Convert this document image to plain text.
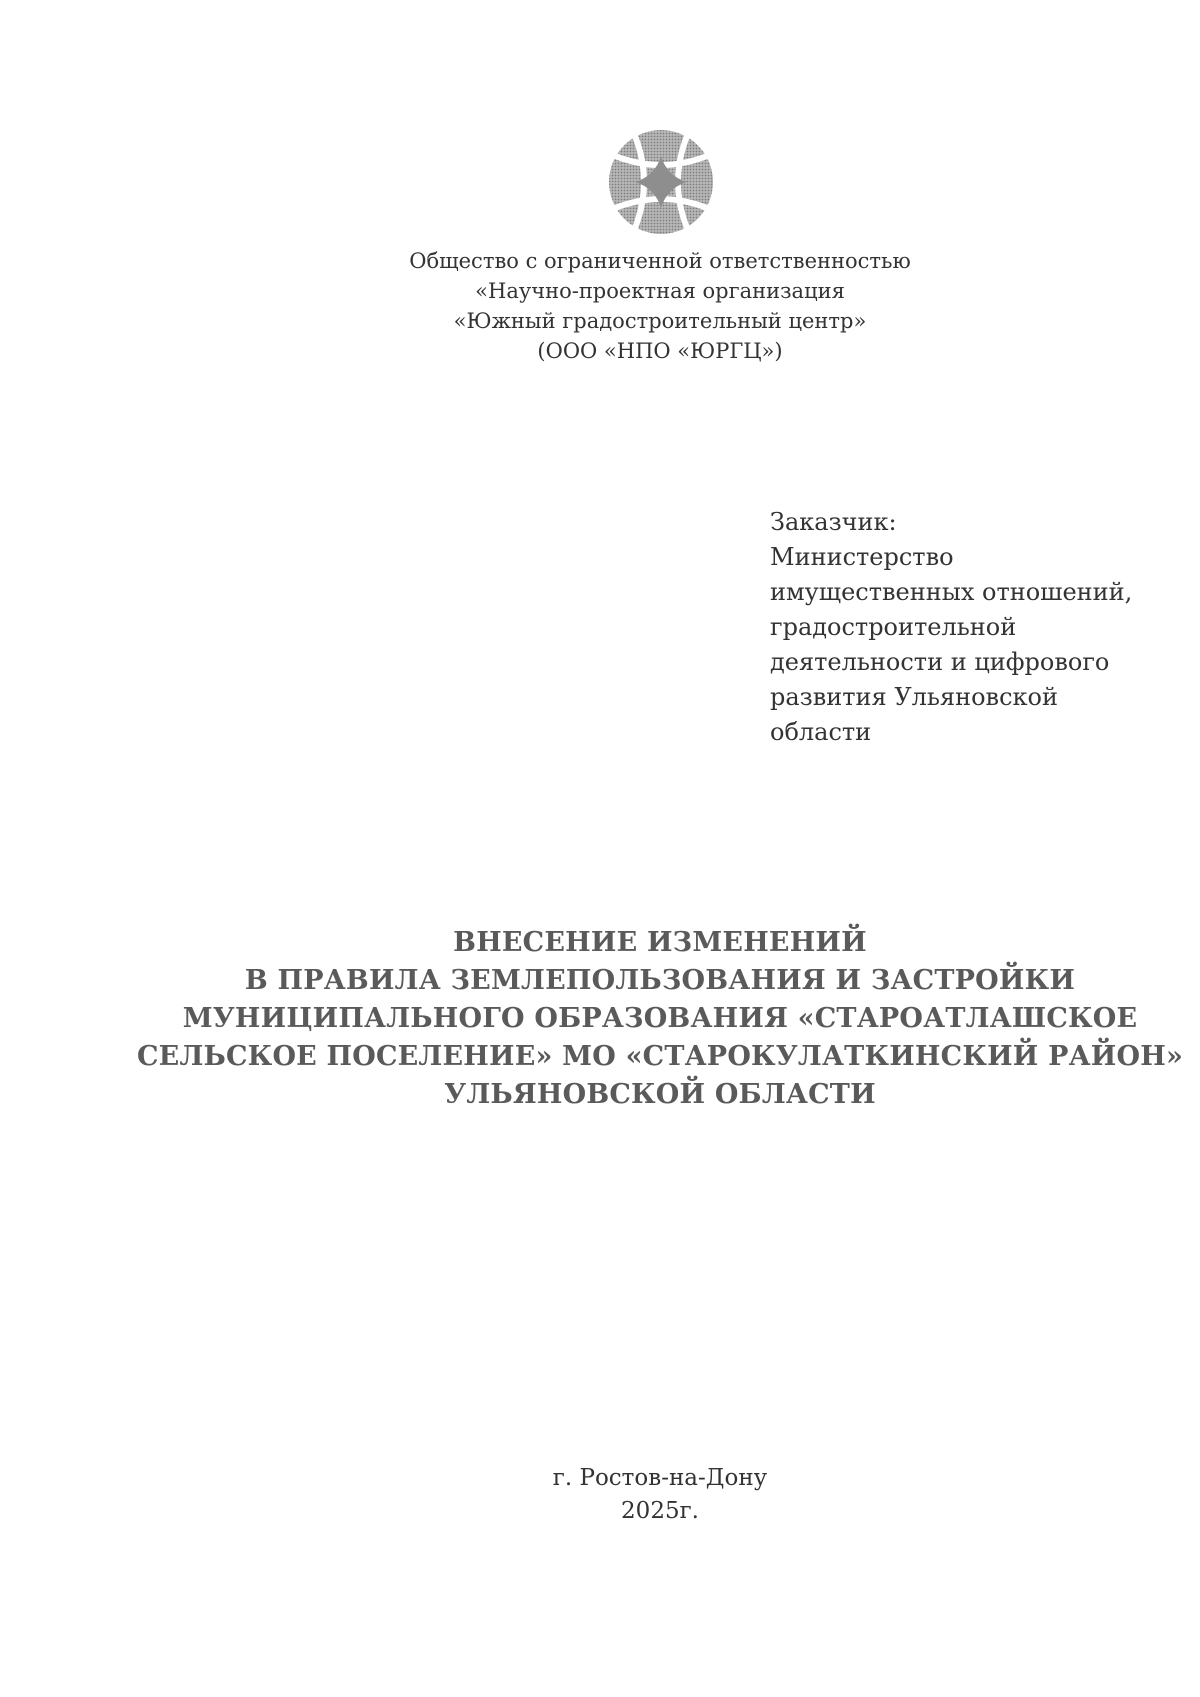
Общество с ограниченной ответственностью
«Научно-проектная организация
«Южный градостроительный центр»
(ООО «НПО «ЮРГЦ»)
Заказчик:
Министерство
имущественных отношений,
градостроительной
деятельности и цифрового
развития Ульяновской
области
ВНЕСЕНИЕ ИЗМЕНЕНИЙ
В ПРАВИЛА ЗЕМЛЕПОЛЬЗОВАНИЯ И ЗАСТРОЙКИ
МУНИЦИПАЛЬНОГО ОБРАЗОВАНИЯ «СТАРОАТЛАШСКОЕ
СЕЛЬСКОЕ ПОСЕЛЕНИЕ» МО «СТАРОКУЛАТКИНСКИЙ РАЙОН»
УЛЬЯНОВСКОЙ ОБЛАСТИ
г. Ростов-на-Дону
2025г.
